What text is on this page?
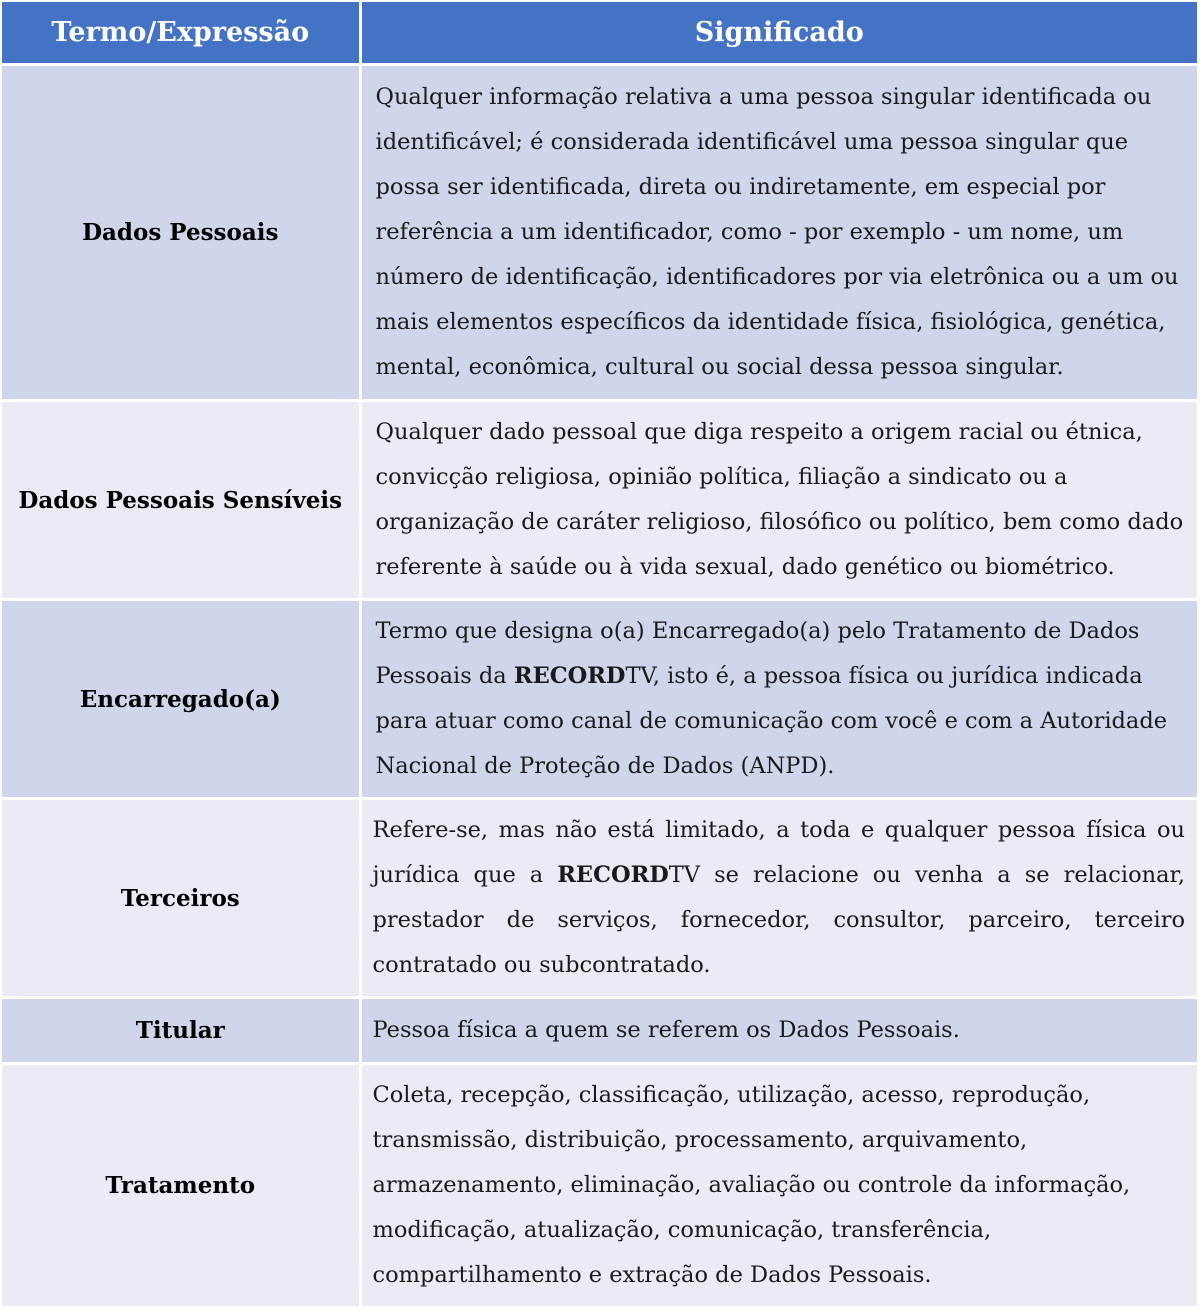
Termo/Expressão	Significado
Dados Pessoais	Qualquer informação relativa a uma pessoa singular identificada ou identificável; é considerada identificável uma pessoa singular que possa ser identificada, direta ou indiretamente, em especial por referência a um identificador, como - por exemplo - um nome, um número de identificação, identificadores por via eletrônica ou a um ou mais elementos específicos da identidade física, fisiológica, genética, mental, econômica, cultural ou social dessa pessoa singular.
Dados Pessoais Sensíveis	Qualquer dado pessoal que diga respeito a origem racial ou étnica, convicção religiosa, opinião política, filiação a sindicato ou a organização de caráter religioso, filosófico ou político, bem como dado referente à saúde ou à vida sexual, dado genético ou biométrico.
Encarregado(a)	Termo que designa o(a) Encarregado(a) pelo Tratamento de Dados Pessoais da RECORDTV, isto é, a pessoa física ou jurídica indicada para atuar como canal de comunicação com você e com a Autoridade Nacional de Proteção de Dados (ANPD).
Terceiros	Refere-se, mas não está limitado, a toda e qualquer pessoa física ou jurídica que a RECORDTV se relacione ou venha a se relacionar, prestador de serviços, fornecedor, consultor, parceiro, terceiro contratado ou subcontratado.
Titular	Pessoa física a quem se referem os Dados Pessoais.
Tratamento	Coleta, recepção, classificação, utilização, acesso, reprodução, transmissão, distribuição, processamento, arquivamento, armazenamento, eliminação, avaliação ou controle da informação, modificação, atualização, comunicação, transferência, compartilhamento e extração de Dados Pessoais.
